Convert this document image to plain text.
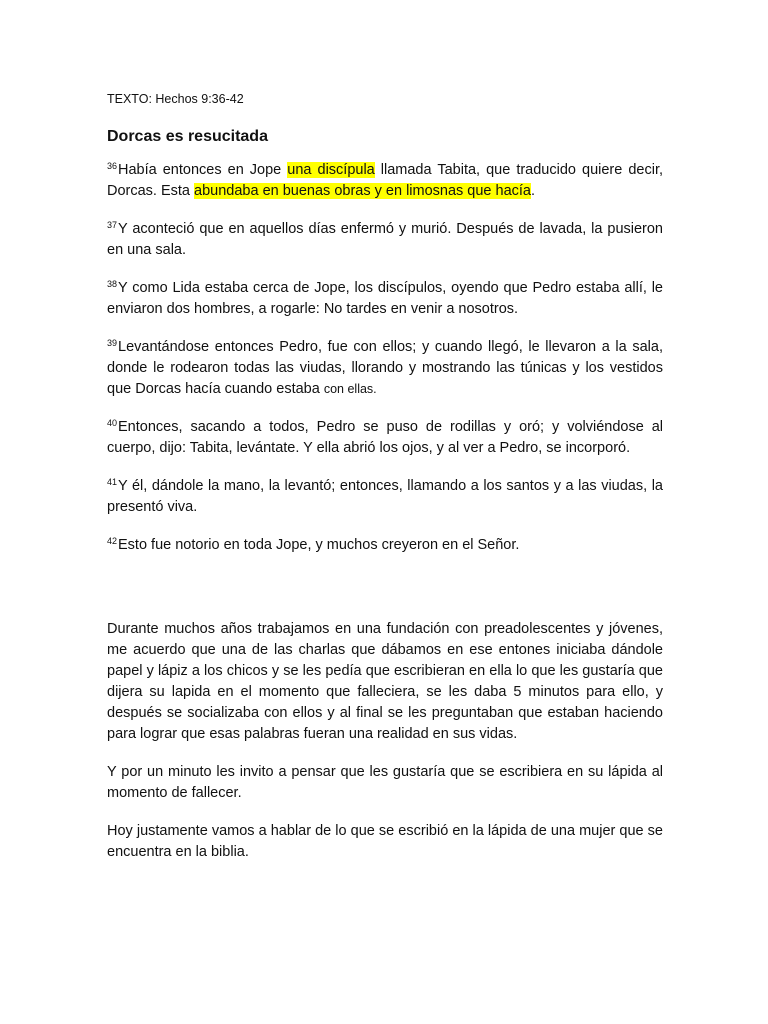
TEXTO: Hechos 9:36-42

Dorcas es resucitada

$^{36}$Había entonces en Jope una discípula llamada Tabita, que traducido quiere decir, Dorcas. Esta abundaba en buenas obras y en limosnas que hacía.

$^{37}$Y aconteció que en aquellos días enfermó y murió. Después de lavada, la pusieron en una sala.

$^{38}$Y como Lida estaba cerca de Jope, los discípulos, oyendo que Pedro estaba allí, le enviaron dos hombres, a rogarle: No tardes en venir a nosotros.

$^{39}$Levantándose entonces Pedro, fue con ellos; y cuando llegó, le llevaron a la sala, donde le rodearon todas las viudas, llorando y mostrando las túnicas y los vestidos que Dorcas hacía cuando estaba con ellas.

$^{40}$Entonces, sacando a todos, Pedro se puso de rodillas y oró; y volviéndose al cuerpo, dijo: Tabita, levántate. Y ella abrió los ojos, y al ver a Pedro, se incorporó.

$^{41}$Y él, dándole la mano, la levantó; entonces, llamando a los santos y a las viudas, la presentó viva.

$^{42}$Esto fue notorio en toda Jope, y muchos creyeron en el Señor.

Durante muchos años trabajamos en una fundación con preadolescentes y jóvenes, me acuerdo que una de las charlas que dábamos en ese entones iniciaba dándole papel y lápiz a los chicos y se les pedía que escribieran en ella lo que les gustaría que dijera su lapida en el momento que falleciera, se les daba 5 minutos para ello, y después se socializaba con ellos y al final se les preguntaban que estaban haciendo para lograr que esas palabras fueran una realidad en sus vidas.

Y por un minuto les invito a pensar que les gustaría que se escribiera en su lápida al momento de fallecer.

Hoy justamente vamos a hablar de lo que se escribió en la lápida de una mujer que se encuentra en la biblia.
